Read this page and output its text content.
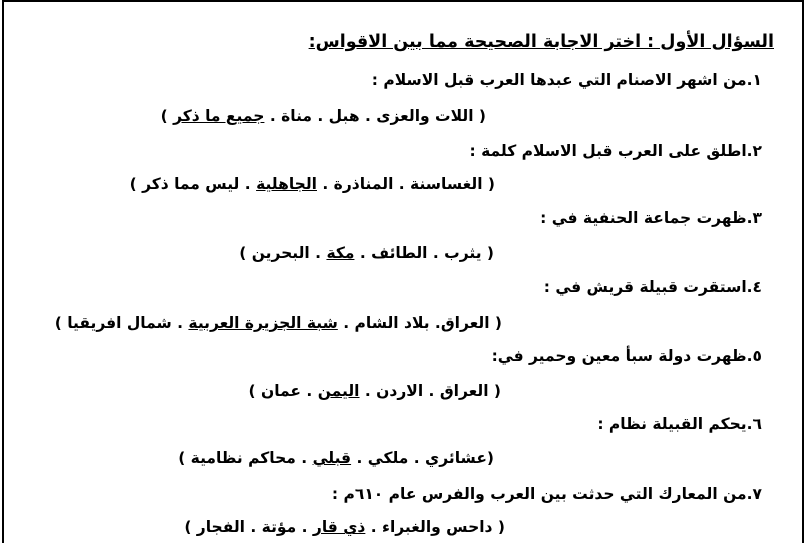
السؤال الأول : اختر الاجابة الصحيحة مما بين الاقواس:
١.من اشهر الاصنام التي عبدها العرب قبل الاسلام :
( اللات والعزى . هبل . مناة . جميع ما ذكر )
٢.اطلق على العرب قبل الاسلام كلمة :
( الغساسنة . المناذرة . الجاهلية . ليس مما ذكر )
٣.ظهرت جماعة الحنفية في :
( يثرب . الطائف . مكة . البحرين )
٤.استقرت قبيلة قريش في :
( العراق. بلاد الشام . شبة الجزيرة العربية . شمال افريقيا )
٥.ظهرت دولة سبأ معين وحمير في:
( العراق . الاردن . اليمن . عمان )
٦.يحكم القبيلة نظام :
(عشائري . ملكي . قبلي . محاكم نظامية )
٧.من المعارك التي حدثت بين العرب والفرس عام ٦١٠م :
( داحس والغبراء . ذي قار . مؤتة . الفجار )
